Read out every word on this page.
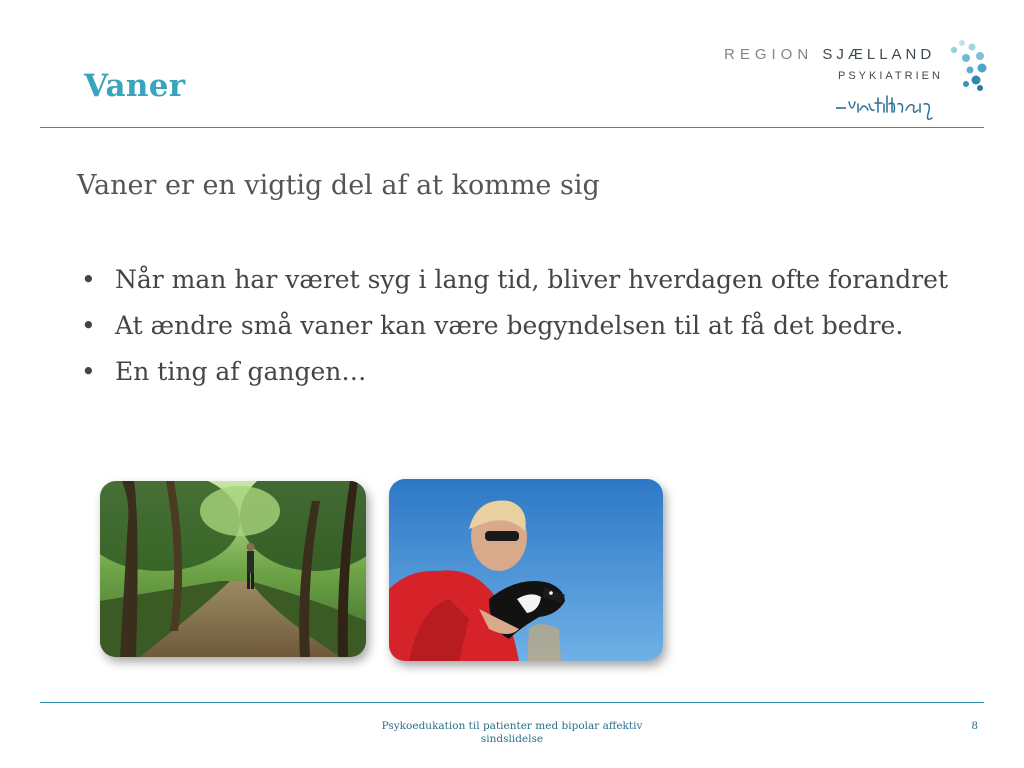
Vaner
REGION SJÆLLAND
PSYKIATRIEN

Vaner er en vigtig del af at komme sig

• Når man har været syg i lang tid, bliver hverdagen ofte forandret
• At ændre små vaner kan være begyndelsen til at få det bedre.
• En ting af gangen…
Psykoedukation til patienter med bipolar affektiv sindslidelse
8
